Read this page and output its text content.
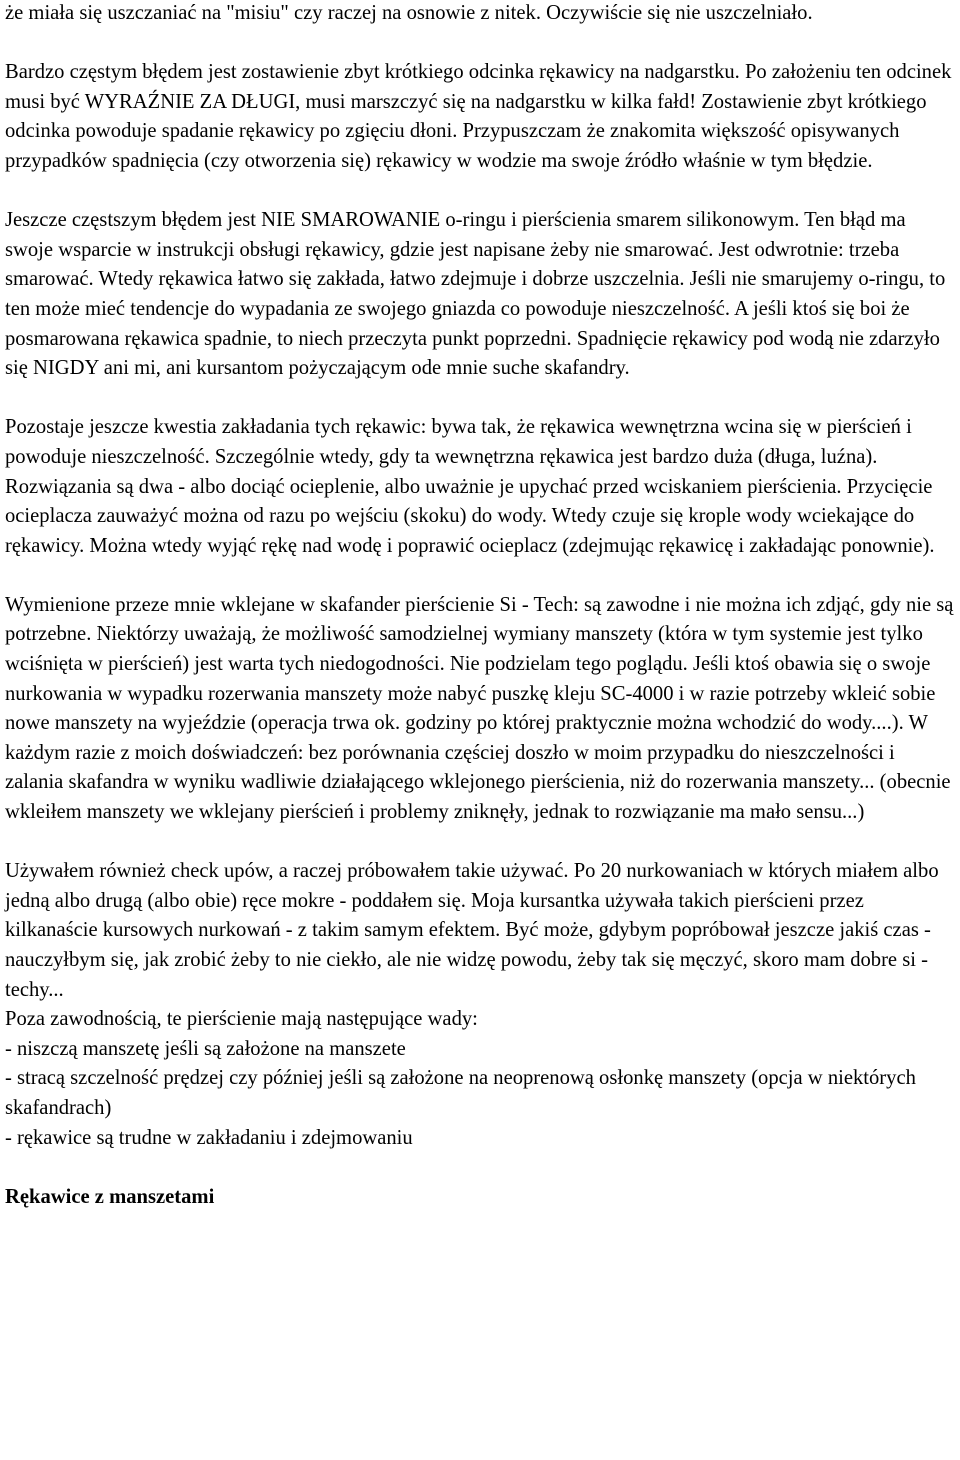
że miała się uszczaniać na "misiu" czy raczej na osnowie z nitek. Oczywiście się nie uszczelniało.

Bardzo częstym błędem jest zostawienie zbyt krótkiego odcinka rękawicy na nadgarstku. Po założeniu ten odcinek musi być WYRAŹNIE ZA DŁUGI, musi marszczyć się na nadgarstku w kilka fałd! Zostawienie zbyt krótkiego odcinka powoduje spadanie rękawicy po zgięciu dłoni. Przypuszczam że znakomita większość opisywanych przypadków spadnięcia (czy otworzenia się) rękawicy w wodzie ma swoje źródło właśnie w tym błędzie.

Jeszcze częstszym błędem jest NIE SMAROWANIE o-ringu i pierścienia smarem silikonowym. Ten błąd ma swoje wsparcie w instrukcji obsługi rękawicy, gdzie jest napisane żeby nie smarować. Jest odwrotnie: trzeba smarować. Wtedy rękawica łatwo się zakłada, łatwo zdejmuje i dobrze uszczelnia. Jeśli nie smarujemy o-ringu, to ten może mieć tendencje do wypadania ze swojego gniazda co powoduje nieszczelność. A jeśli ktoś się boi że posmarowana rękawica spadnie, to niech przeczyta punkt poprzedni. Spadnięcie rękawicy pod wodą nie zdarzyło się NIGDY ani mi, ani kursantom pożyczającym ode mnie suche skafandry.

Pozostaje jeszcze kwestia zakładania tych rękawic: bywa tak, że rękawica wewnętrzna wcina się w pierścień i powoduje nieszczelność. Szczególnie wtedy, gdy ta wewnętrzna rękawica jest bardzo duża (długa, luźna). Rozwiązania są dwa - albo dociąć ocieplenie, albo uważnie je upychać przed wciskaniem pierścienia. Przycięcie ocieplacza zauważyć można od razu po wejściu (skoku) do wody. Wtedy czuje się krople wody wciekające do rękawicy. Można wtedy wyjąć rękę nad wodę i poprawić ocieplacz (zdejmując rękawicę i zakładając ponownie).

Wymienione przeze mnie wklejane w skafander pierścienie Si - Tech: są zawodne i nie można ich zdjąć, gdy nie są potrzebne. Niektórzy uważają, że możliwość samodzielnej wymiany manszety (która w tym systemie jest tylko wciśnięta w pierścień) jest warta tych niedogodności. Nie podzielam tego poglądu. Jeśli ktoś obawia się o swoje nurkowania w wypadku rozerwania manszety może nabyć puszkę kleju SC-4000 i w razie potrzeby wkleić sobie nowe manszety na wyjeździe (operacja trwa ok. godziny po której praktycznie można wchodzić do wody....). W każdym razie z moich doświadczeń: bez porównania częściej doszło w moim przypadku do nieszczelności i zalania skafandra w wyniku wadliwie działającego wklejonego pierścienia, niż do rozerwania manszety... (obecnie wkleiłem manszety we wklejany pierścień i problemy zniknęły, jednak to rozwiązanie ma mało sensu...)

Używałem również check upów, a raczej próbowałem takie używać. Po 20 nurkowaniach w których miałem albo jedną albo drugą (albo obie) ręce mokre - poddałem się. Moja kursantka używała takich pierścieni przez kilkanaście kursowych nurkowań - z takim samym efektem. Być może, gdybym popróbował jeszcze jakiś czas - nauczyłbym się, jak zrobić żeby to nie ciekło, ale nie widzę powodu, żeby tak się męczyć, skoro mam dobre si - techy...

Poza zawodnością, te pierścienie mają następujące wady:

- niszczą manszetę jeśli są założone na manszete

- stracą szczelność prędzej czy później jeśli są założone na neoprenową osłonkę manszety (opcja w niektórych skafandrach)

- rękawice są trudne w zakładaniu i zdejmowaniu

Rękawice z manszetami
